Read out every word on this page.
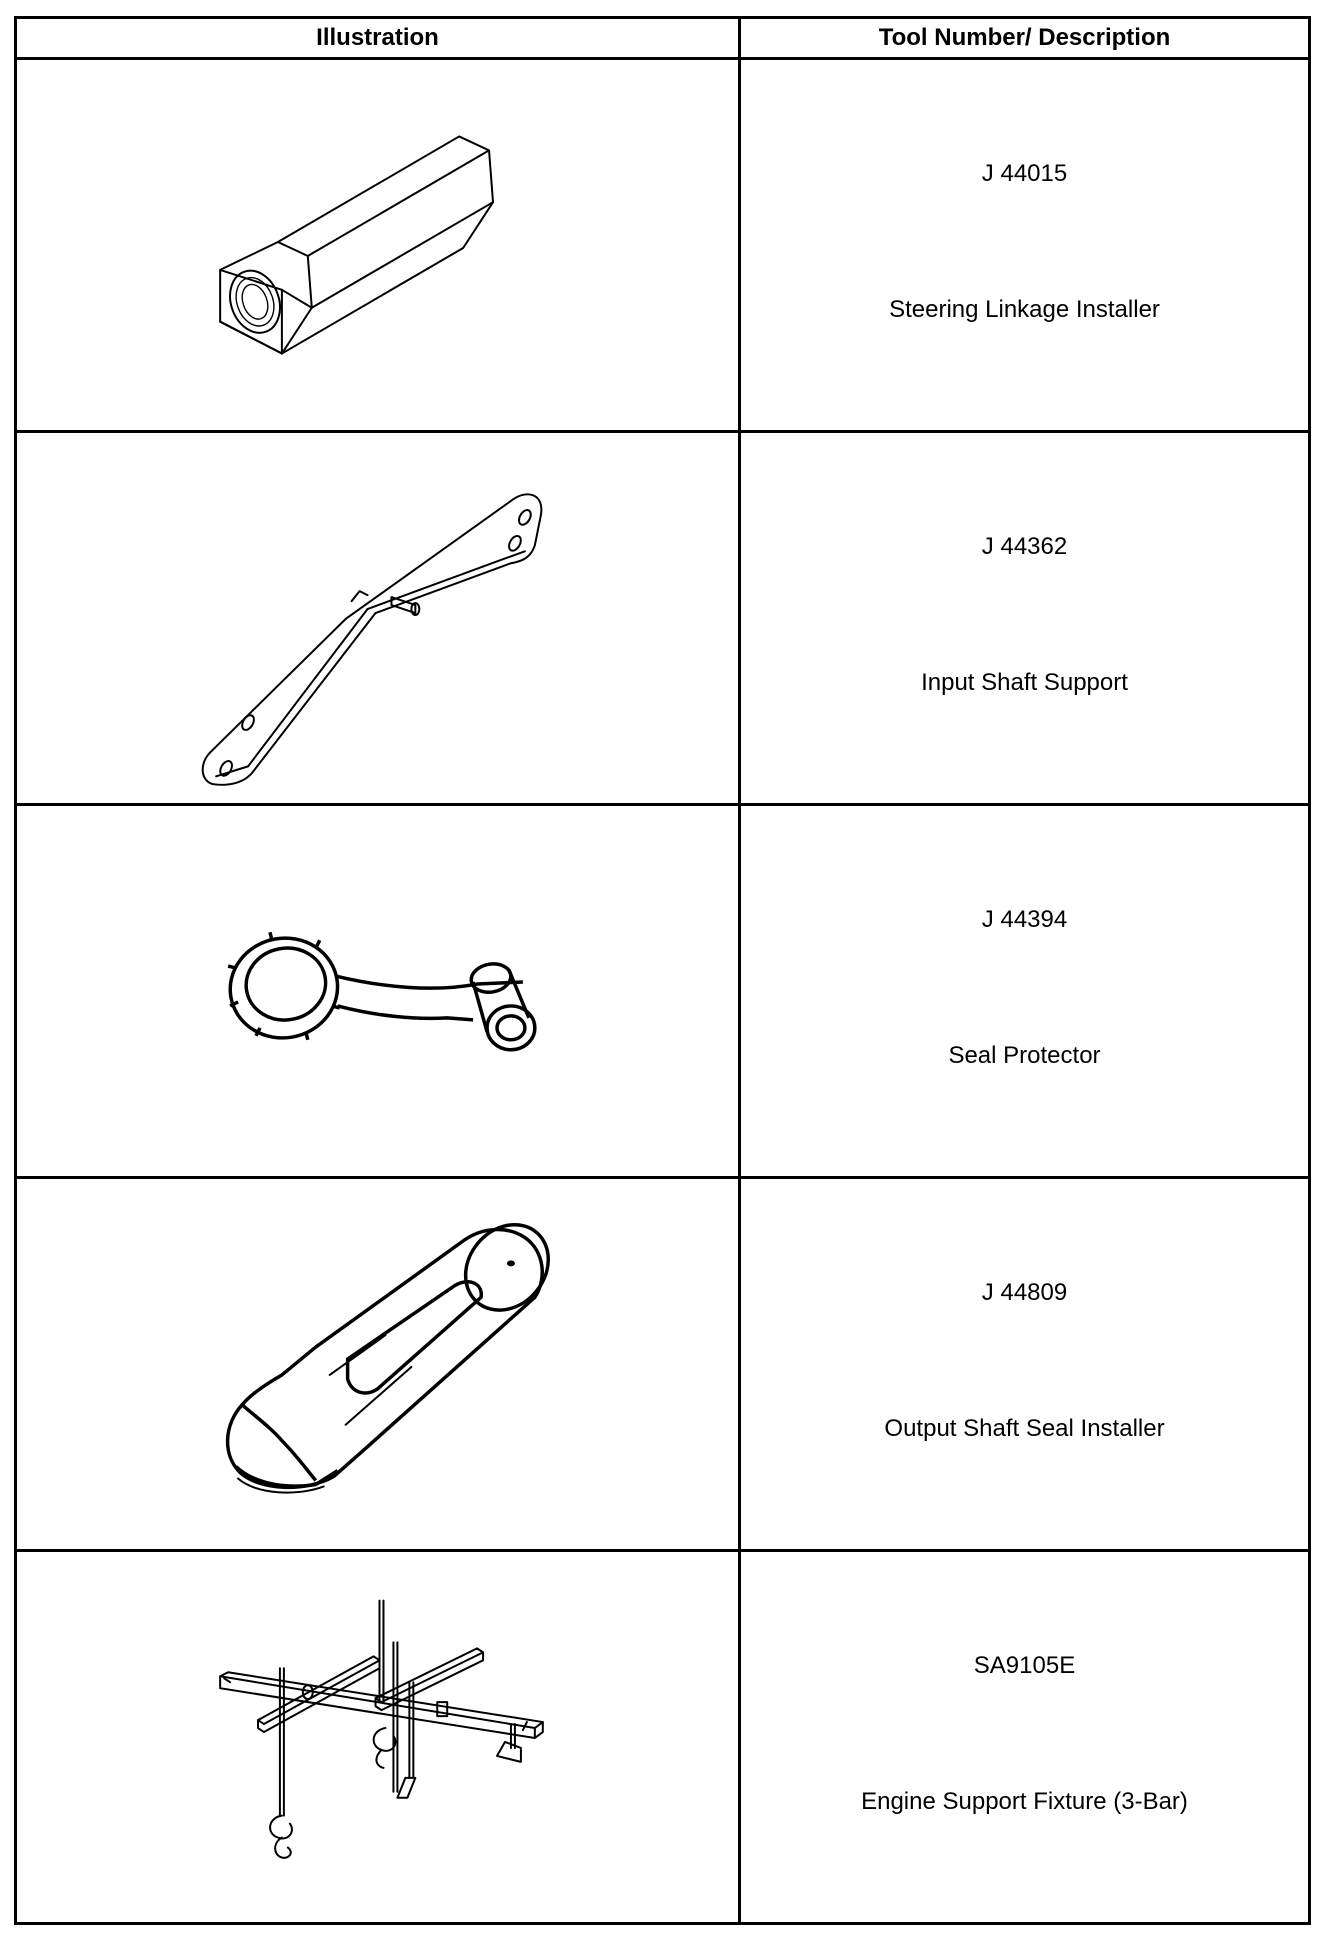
Illustration	Tool Number/ Description

J 44015
Steering Linkage Installer

J 44362
Input Shaft Support

J 44394
Seal Protector

J 44809
Output Shaft Seal Installer

SA9105E
Engine Support Fixture (3-Bar)
